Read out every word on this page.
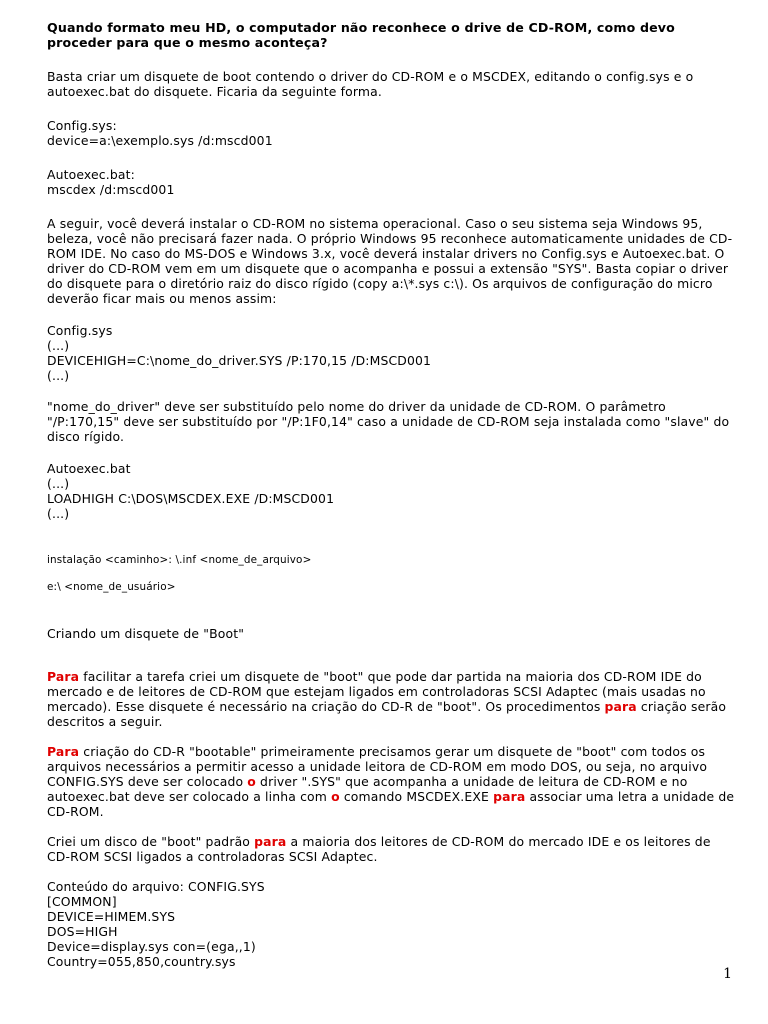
Quando formato meu HD, o computador não reconhece o drive de CD-ROM, como devo proceder para que o mesmo aconteça?

Basta criar um disquete de boot contendo o driver do CD-ROM e o MSCDEX, editando o config.sys e o autoexec.bat do disquete. Ficaria da seguinte forma.

Config.sys:

device=a:\exemplo.sys /d:mscd001

Autoexec.bat:

mscdex /d:mscd001

A seguir, você deverá instalar o CD-ROM no sistema operacional. Caso o seu sistema seja Windows 95, beleza, você não precisará fazer nada. O próprio Windows 95 reconhece automaticamente unidades de CD-ROM IDE. No caso do MS-DOS e Windows 3.x, você deverá instalar drivers no Config.sys e Autoexec.bat. O driver do CD-ROM vem em um disquete que o acompanha e possui a extensão "SYS". Basta copiar o driver do disquete para o diretório raiz do disco rígido (copy a:\*.sys c:\). Os arquivos de configuração do micro deverão ficar mais ou menos assim:

Config.sys

(...)

DEVICEHIGH=C:\nome_do_driver.SYS /P:170,15 /D:MSCD001

(...)

"nome_do_driver" deve ser substituído pelo nome do driver da unidade de CD-ROM. O parâmetro "/P:170,15" deve ser substituído por "/P:1F0,14" caso a unidade de CD-ROM seja instalada como "slave" do disco rígido.

Autoexec.bat

(...)

LOADHIGH C:\DOS\MSCDEX.EXE /D:MSCD001

(...)

instalação <caminho>: \.inf <nome_de_arquivo>

e:\ <nome_de_usuário>

Criando um disquete de "Boot"

Para facilitar a tarefa criei um disquete de "boot" que pode dar partida na maioria dos CD-ROM IDE do mercado e de leitores de CD-ROM que estejam ligados em controladoras SCSI Adaptec (mais usadas no mercado). Esse disquete é necessário na criação do CD-R de "boot". Os procedimentos para criação serão descritos a seguir.

Para criação do CD-R "bootable" primeiramente precisamos gerar um disquete de "boot" com todos os arquivos necessários a permitir acesso a unidade leitora de CD-ROM em modo DOS, ou seja, no arquivo CONFIG.SYS deve ser colocado o driver ".SYS" que acompanha a unidade de leitura de CD-ROM e no autoexec.bat deve ser colocado a linha com o comando MSCDEX.EXE para associar uma letra a unidade de CD-ROM.

Criei um disco de "boot" padrão para a maioria dos leitores de CD-ROM do mercado IDE e os leitores de CD-ROM SCSI ligados a controladoras SCSI Adaptec.

Conteúdo do arquivo: CONFIG.SYS

[COMMON]

DEVICE=HIMEM.SYS

DOS=HIGH

Device=display.sys con=(ega,,1)

Country=055,850,country.sys

1
